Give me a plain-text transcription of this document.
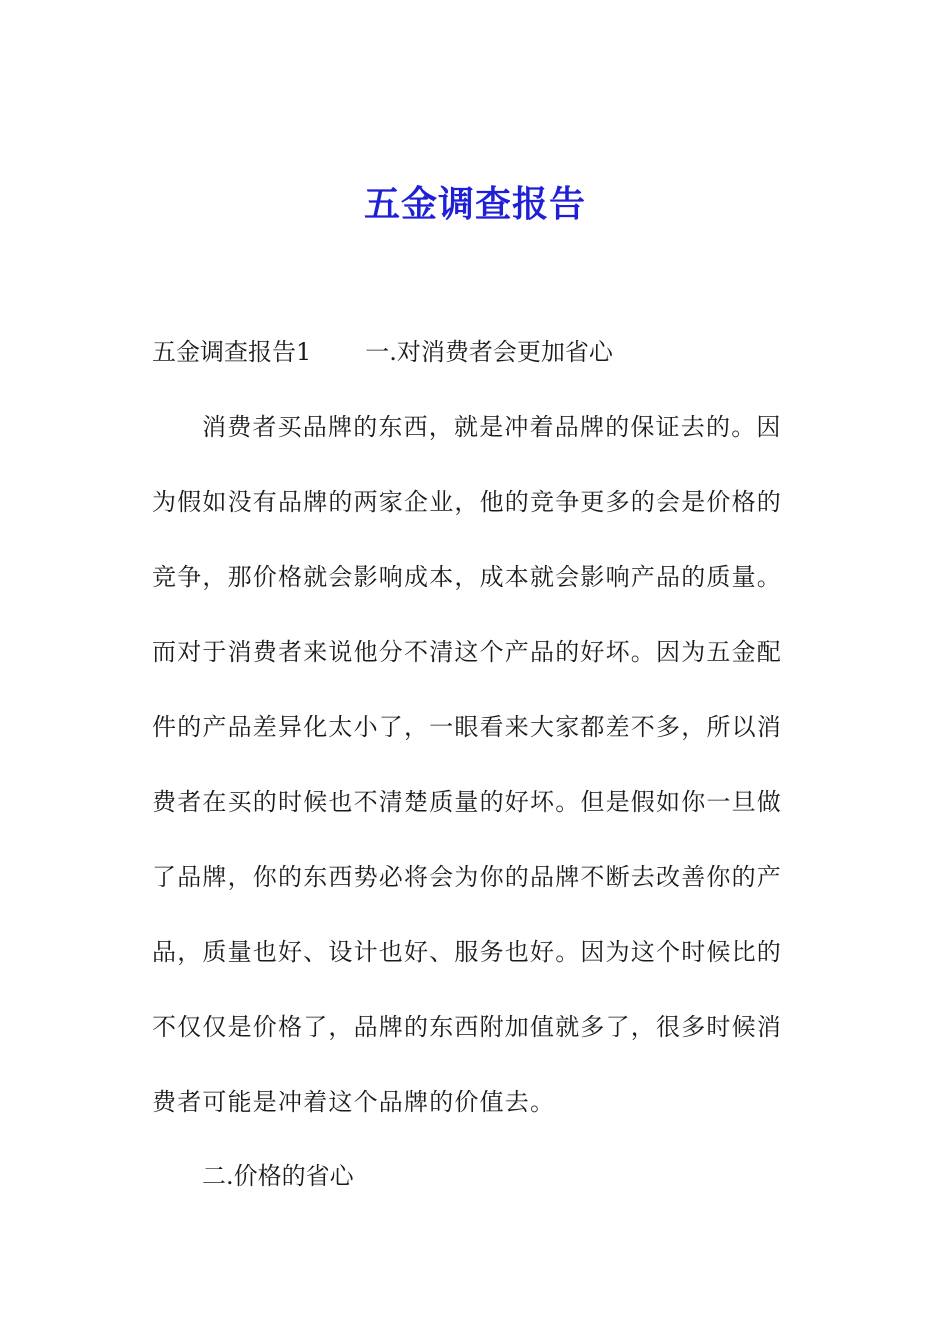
五金调查报告

五金调查报告1 一.对消费者会更加省心

消费者买品牌的东西，就是冲着品牌的保证去的。因
为假如没有品牌的两家企业，他的竞争更多的会是价格的
竞争，那价格就会影响成本，成本就会影响产品的质量。
而对于消费者来说他分不清这个产品的好坏。因为五金配
件的产品差异化太小了，一眼看来大家都差不多，所以消
费者在买的时候也不清楚质量的好坏。但是假如你一旦做
了品牌，你的东西势必将会为你的品牌不断去改善你的产
品，质量也好、设计也好、服务也好。因为这个时候比的
不仅仅是价格了，品牌的东西附加值就多了，很多时候消
费者可能是冲着这个品牌的价值去。

二.价格的省心
